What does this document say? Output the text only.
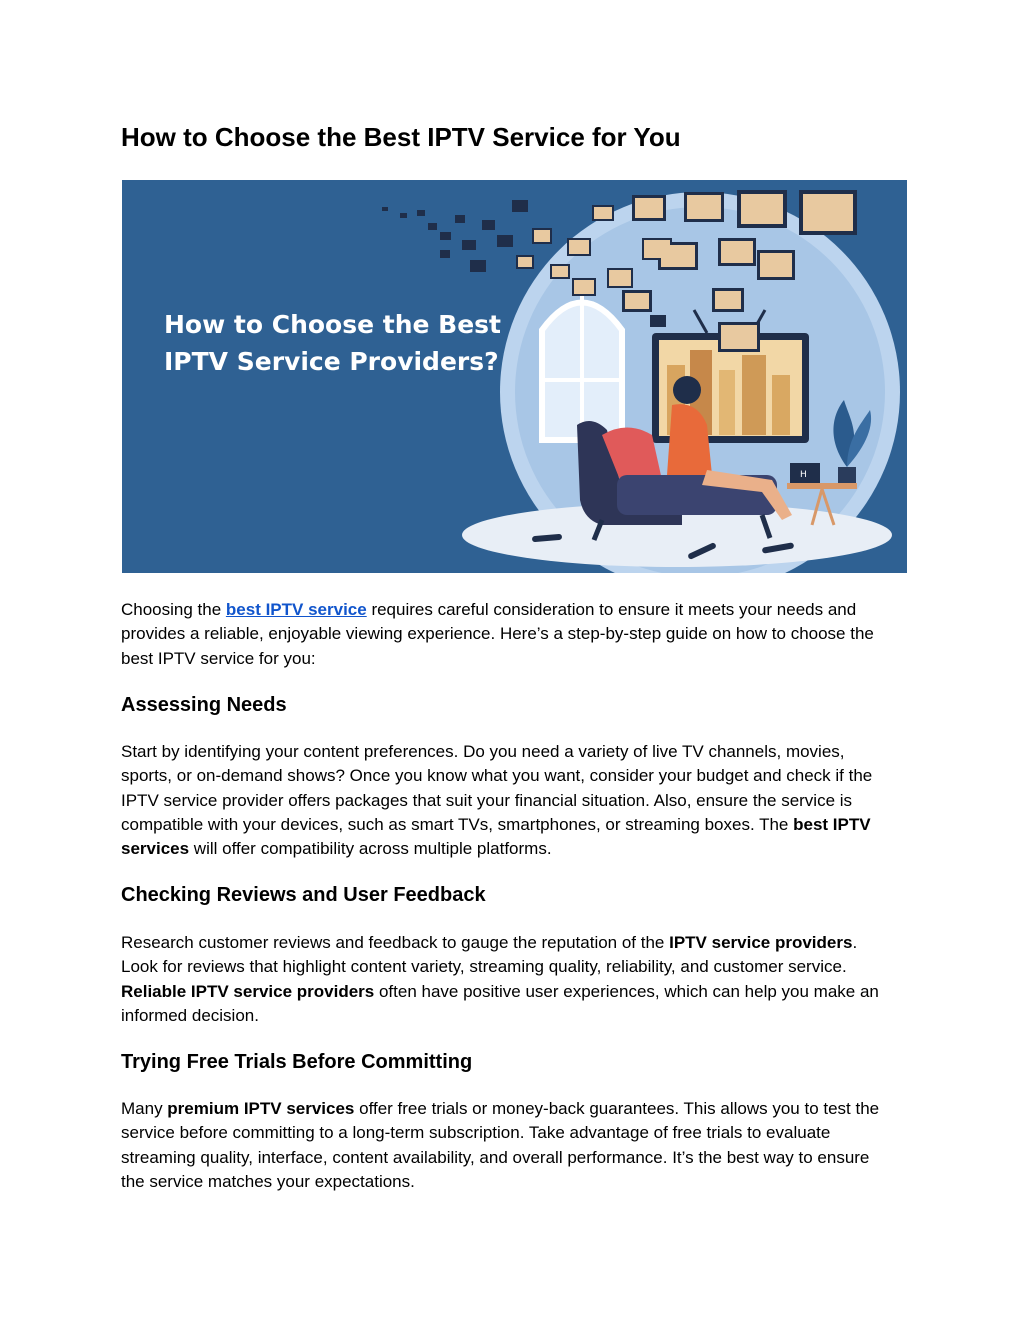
How to Choose the Best IPTV Service for You
H
How to Choose the Best
IPTV Service Providers?

Choosing the best IPTV service requires careful consideration to ensure it meets your needs and provides a reliable, enjoyable viewing experience. Here’s a step-by-step guide on how to choose the best IPTV service for you:

Assessing Needs

Start by identifying your content preferences. Do you need a variety of live TV channels, movies, sports, or on-demand shows? Once you know what you want, consider your budget and check if the IPTV service provider offers packages that suit your financial situation. Also, ensure the service is compatible with your devices, such as smart TVs, smartphones, or streaming boxes. The best IPTV services will offer compatibility across multiple platforms.

Checking Reviews and User Feedback

Research customer reviews and feedback to gauge the reputation of the IPTV service providers. Look for reviews that highlight content variety, streaming quality, reliability, and customer service. Reliable IPTV service providers often have positive user experiences, which can help you make an informed decision.

Trying Free Trials Before Committing

Many premium IPTV services offer free trials or money-back guarantees. This allows you to test the service before committing to a long-term subscription. Take advantage of free trials to evaluate streaming quality, interface, content availability, and overall performance. It’s the best way to ensure the service matches your expectations.
